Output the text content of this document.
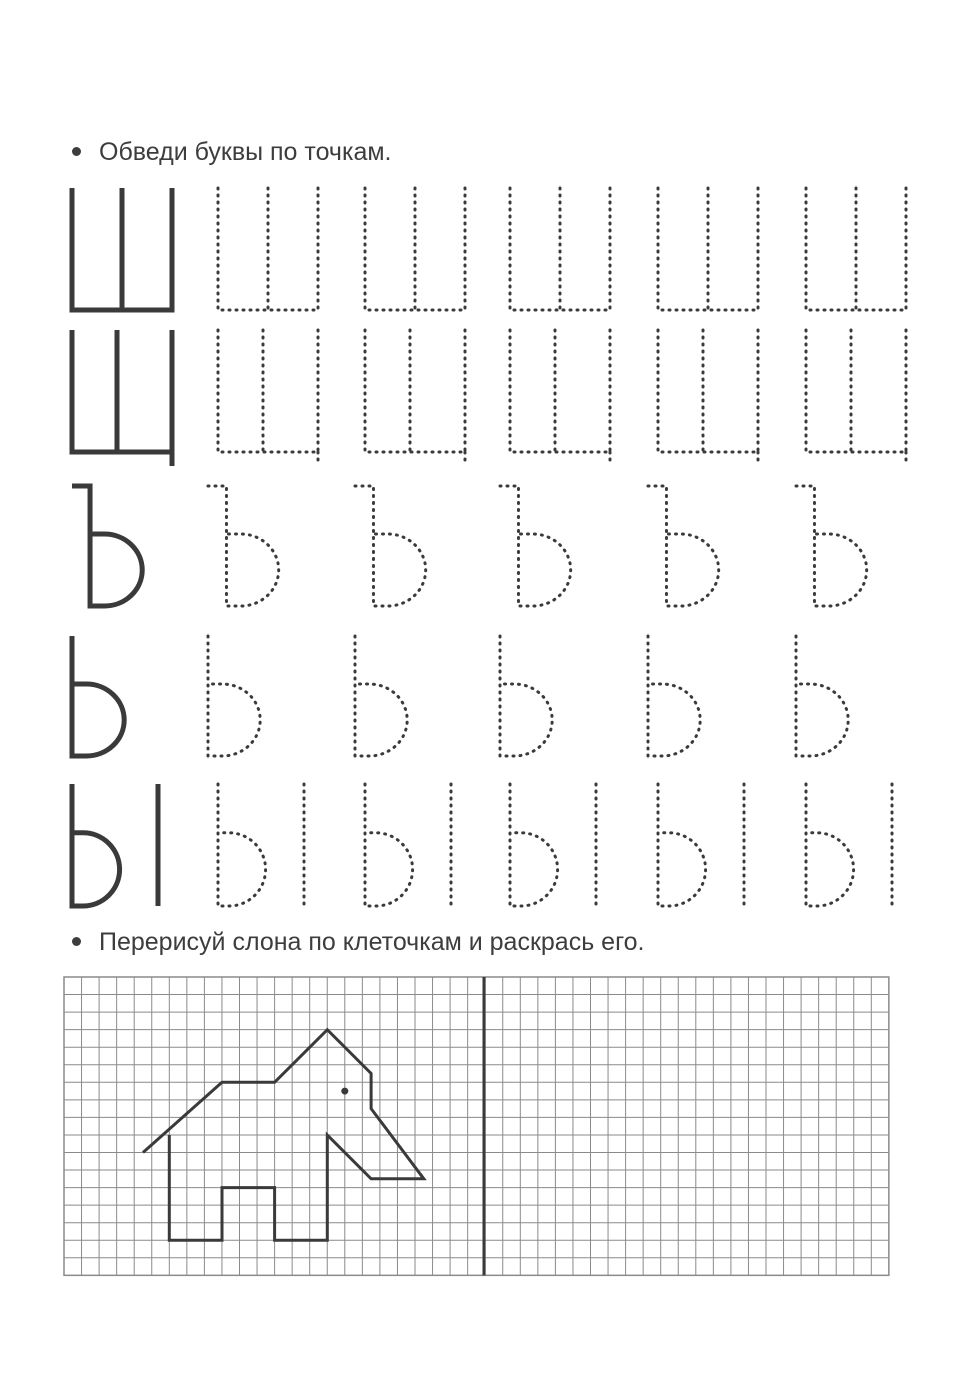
Обведи буквы по точкам.
Перерисуй слона по клеточкам и раскрась его.
